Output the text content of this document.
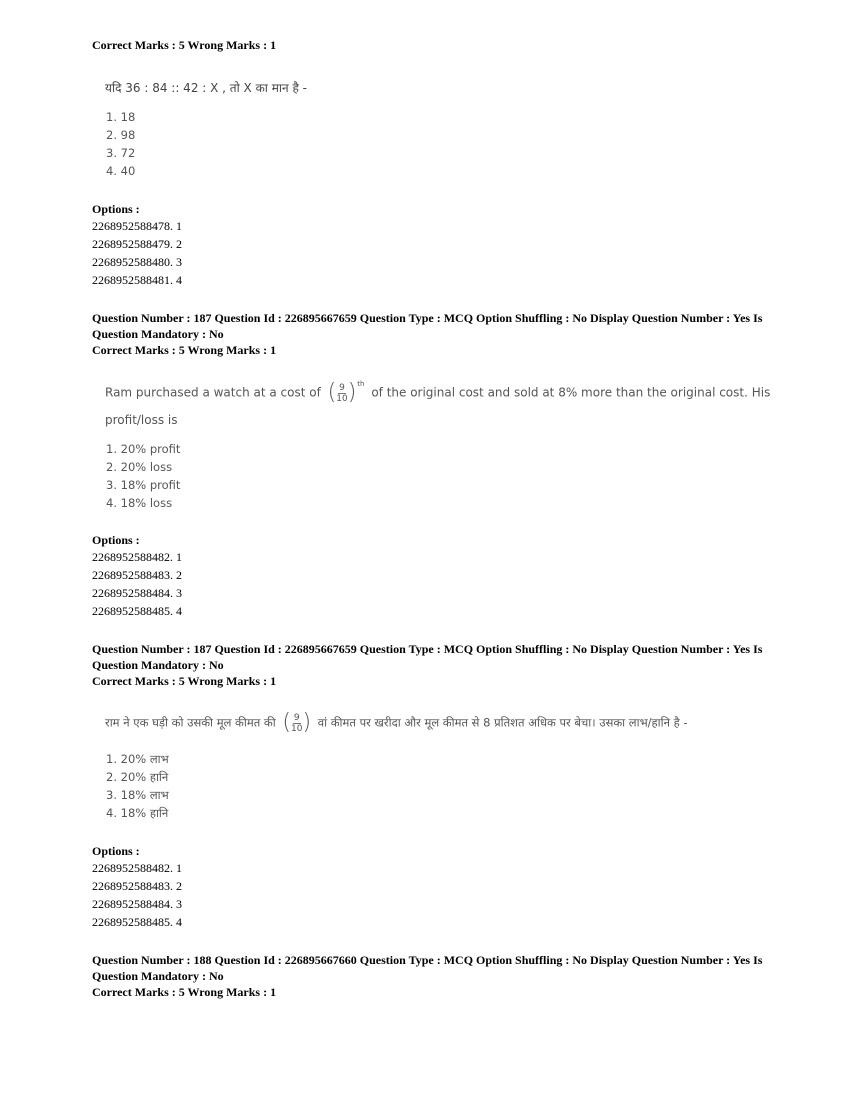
Correct Marks : 5 Wrong Marks : 1
यदि 36 : 84 :: 42 : X , तो X का मान है -
1. 18
2. 98
3. 72
4. 40
Options :
2268952588478. 1
2268952588479. 2
2268952588480. 3
2268952588481. 4
Question Number : 187 Question Id : 226895667659 Question Type : MCQ Option Shuffling : No Display Question Number : Yes Is
Question Mandatory : No
Correct Marks : 5 Wrong Marks : 1
Ram purchased a watch at a cost of ( $\frac{9}{10}$ ) th
of the original cost and sold at 8% more than the original cost. His
profit/loss is
1. 20% profit
2. 20% loss
3. 18% profit
4. 18% loss
Options :
2268952588482. 1
2268952588483. 2
2268952588484. 3
2268952588485. 4
Question Number : 187 Question Id : 226895667659 Question Type : MCQ Option Shuffling : No Display Question Number : Yes Is
Question Mandatory : No
Correct Marks : 5 Wrong Marks : 1
राम ने एक घड़ी को उसकी मूल कीमत की ( $\frac{9}{10}$ ) वां कीमत पर खरीदा और मूल कीमत से 8 प्रतिशत अधिक पर बेचा। उसका लाभ/हानि है -
1. 20% लाभ
2. 20% हानि
3. 18% लाभ
4. 18% हानि
Options :
2268952588482. 1
2268952588483. 2
2268952588484. 3
2268952588485. 4
Question Number : 188 Question Id : 226895667660 Question Type : MCQ Option Shuffling : No Display Question Number : Yes Is
Question Mandatory : No
Correct Marks : 5 Wrong Marks : 1
